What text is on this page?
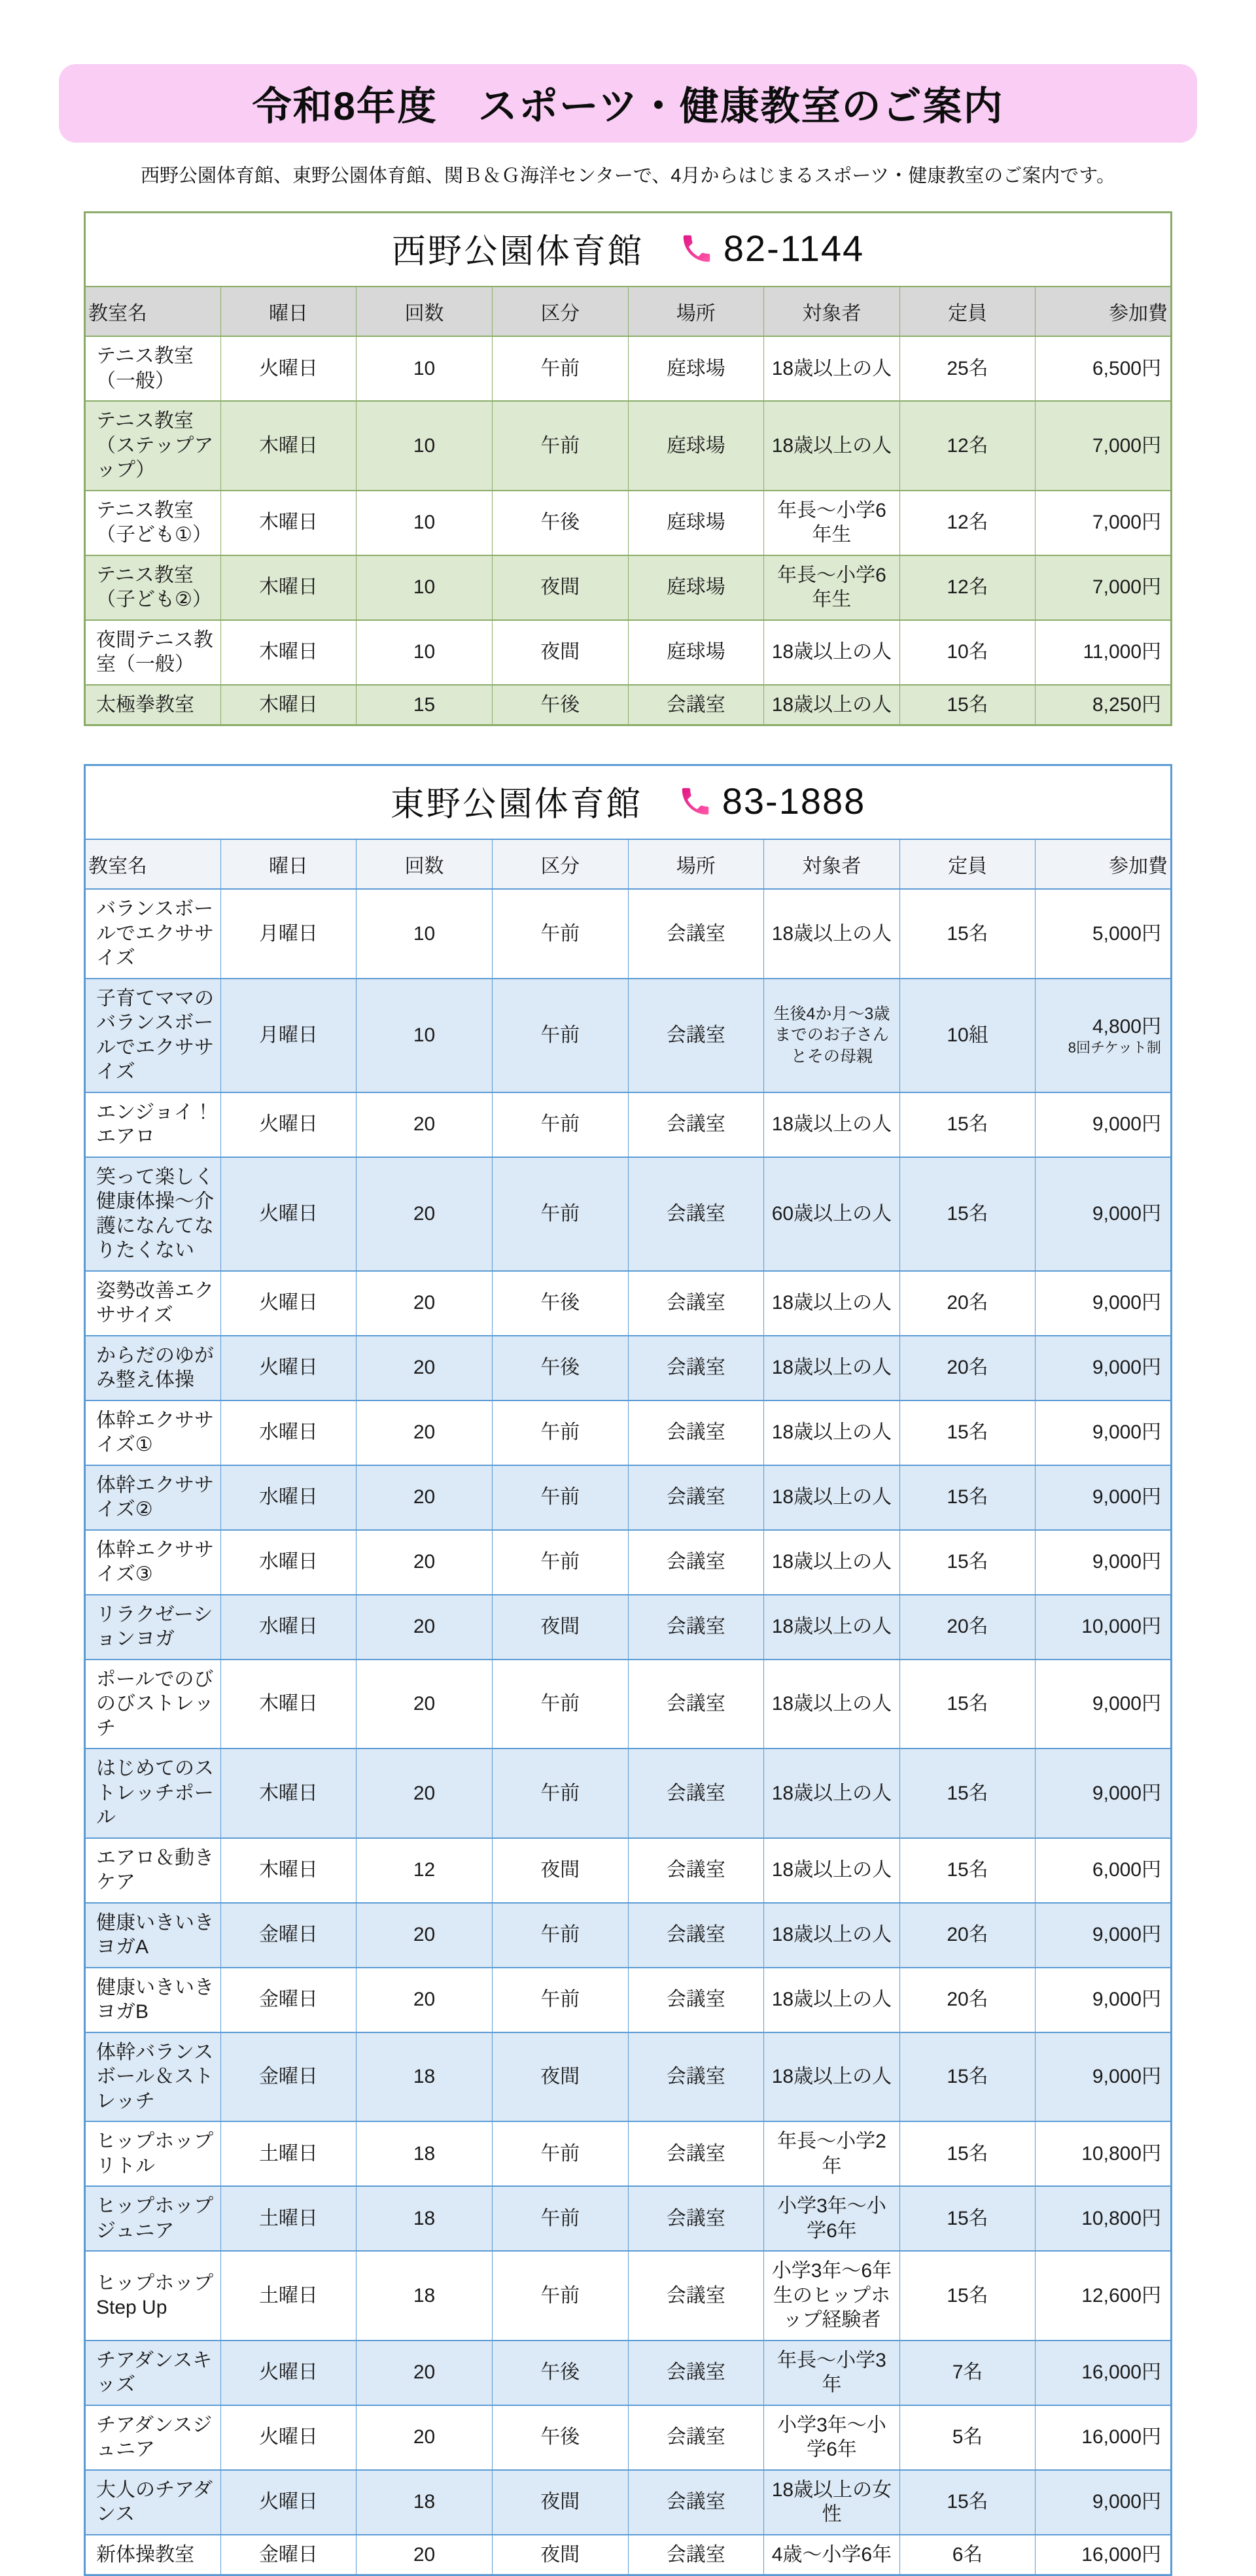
令和8年度　スポーツ・健康教室のご案内

西野公園体育館、東野公園体育館、関Ｂ＆Ｇ海洋センターで、4月からはじまるスポーツ・健康教室のご案内です。

西野公園体育館 82-1144							

教室名	曜日	回数	区分	場所	対象者	定員	参加費
テニス教室（一般）	火曜日	10	午前	庭球場	18歳以上の人	25名	6,500円
テニス教室（ステップアップ）	木曜日	10	午前	庭球場	18歳以上の人	12名	7,000円
テニス教室（子ども①）	木曜日	10	午後	庭球場	年長～小学6年生	12名	7,000円
テニス教室（子ども②）	木曜日	10	夜間	庭球場	年長～小学6年生	12名	7,000円
夜間テニス教室（一般）	木曜日	10	夜間	庭球場	18歳以上の人	10名	11,000円
太極拳教室	木曜日	15	午後	会議室	18歳以上の人	15名	8,250円
東野公園体育館 83-1888							

教室名	曜日	回数	区分	場所	対象者	定員	参加費
バランスボールでエクササイズ	月曜日	10	午前	会議室	18歳以上の人	15名	5,000円
子育てママのバランスボールでエクササイズ	月曜日	10	午前	会議室	生後4か月～3歳までのお子さんとその母親	10組	4,800円
8回チケット制

エンジョイ！エアロ	火曜日	20	午前	会議室	18歳以上の人	15名	9,000円
笑って楽しく健康体操～介護になんてなりたくない	火曜日	20	午前	会議室	60歳以上の人	15名	9,000円
姿勢改善エクササイズ	火曜日	20	午後	会議室	18歳以上の人	20名	9,000円
からだのゆがみ整え体操	火曜日	20	午後	会議室	18歳以上の人	20名	9,000円
体幹エクササイズ①	水曜日	20	午前	会議室	18歳以上の人	15名	9,000円
体幹エクササイズ②	水曜日	20	午前	会議室	18歳以上の人	15名	9,000円
体幹エクササイズ③	水曜日	20	午前	会議室	18歳以上の人	15名	9,000円
リラクゼーションヨガ	水曜日	20	夜間	会議室	18歳以上の人	20名	10,000円
ポールでのびのびストレッチ	木曜日	20	午前	会議室	18歳以上の人	15名	9,000円
はじめてのストレッチポール	木曜日	20	午前	会議室	18歳以上の人	15名	9,000円
エアロ＆動きケア	木曜日	12	夜間	会議室	18歳以上の人	15名	6,000円
健康いきいきヨガA	金曜日	20	午前	会議室	18歳以上の人	20名	9,000円
健康いきいきヨガB	金曜日	20	午前	会議室	18歳以上の人	20名	9,000円
体幹バランスボール＆ストレッチ	金曜日	18	夜間	会議室	18歳以上の人	15名	9,000円
ヒップホップリトル	土曜日	18	午前	会議室	年長～小学2年	15名	10,800円
ヒップホップジュニア	土曜日	18	午前	会議室	小学3年～小学6年	15名	10,800円
ヒップホップStep Up	土曜日	18	午前	会議室	小学3年～6年生のヒップホップ経験者	15名	12,600円
チアダンスキッズ	火曜日	20	午後	会議室	年長～小学3年	7名	16,000円
チアダンスジュニア	火曜日	20	午後	会議室	小学3年～小学6年	5名	16,000円
大人のチアダンス	火曜日	18	夜間	会議室	18歳以上の女性	15名	9,000円
新体操教室	金曜日	20	夜間	会議室	4歳～小学6年	6名	16,000円
